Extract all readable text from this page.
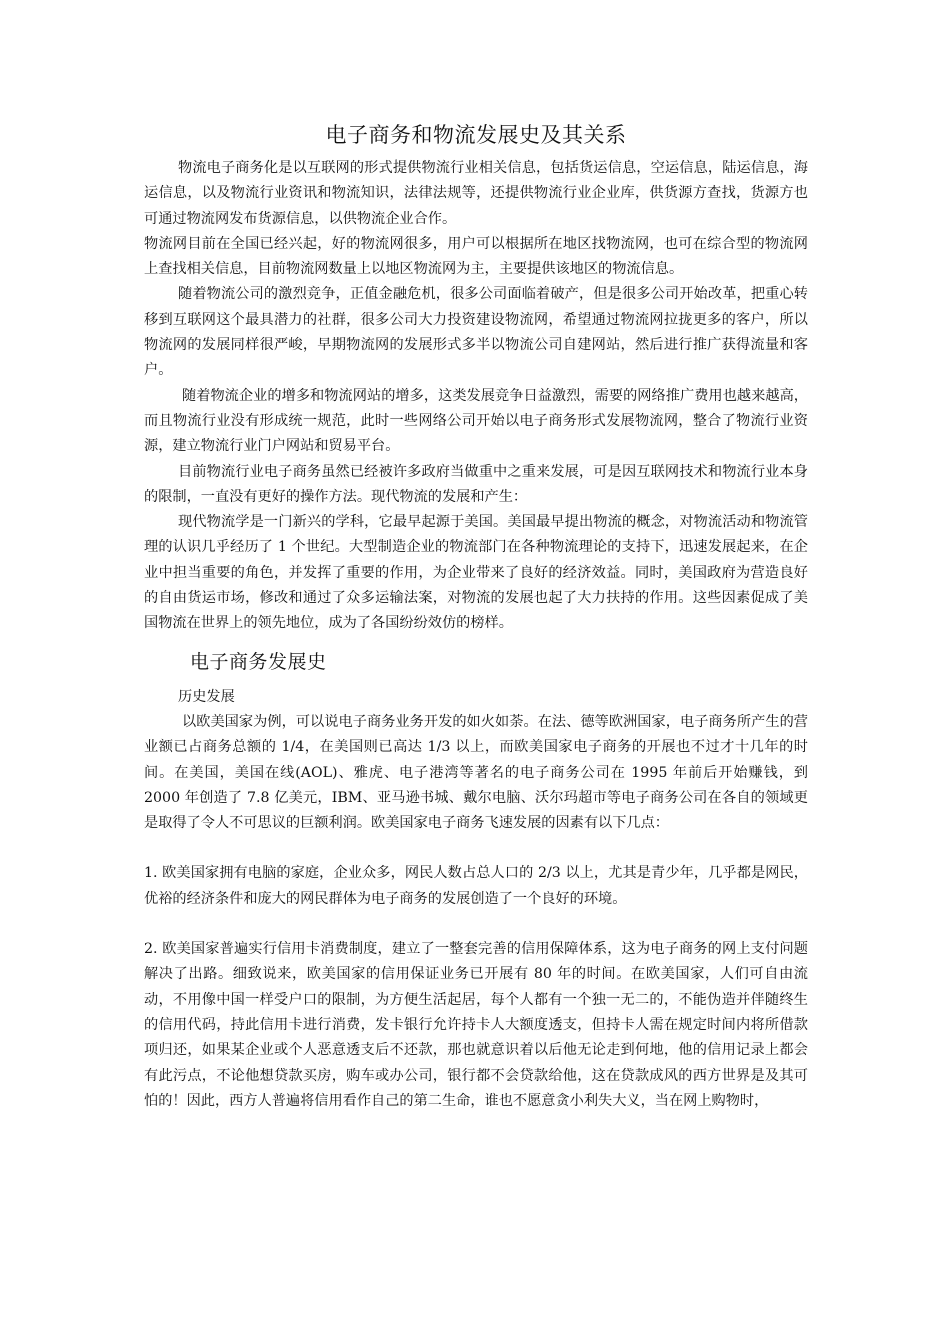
电子商务和物流发展史及其关系

物流电子商务化是以互联网的形式提供物流行业相关信息，包括货运信息，空运信息，陆运信息，海运信息，以及物流行业资讯和物流知识，法律法规等，还提供物流行业企业库，供货源方查找，货源方也可通过物流网发布货源信息，以供物流企业合作。

物流网目前在全国已经兴起，好的物流网很多，用户可以根据所在地区找物流网，也可在综合型的物流网上查找相关信息，目前物流网数量上以地区物流网为主，主要提供该地区的物流信息。

随着物流公司的激烈竞争，正值金融危机，很多公司面临着破产，但是很多公司开始改革，把重心转移到互联网这个最具潜力的社群，很多公司大力投资建设物流网，希望通过物流网拉拢更多的客户，所以物流网的发展同样很严峻，早期物流网的发展形式多半以物流公司自建网站，然后进行推广获得流量和客户。

随着物流企业的增多和物流网站的增多，这类发展竞争日益激烈，需要的网络推广费用也越来越高，而且物流行业没有形成统一规范，此时一些网络公司开始以电子商务形式发展物流网，整合了物流行业资源，建立物流行业门户网站和贸易平台。

目前物流行业电子商务虽然已经被许多政府当做重中之重来发展，可是因互联网技术和物流行业本身的限制，一直没有更好的操作方法。现代物流的发展和产生：

现代物流学是一门新兴的学科，它最早起源于美国。美国最早提出物流的概念，对物流活动和物流管理的认识几乎经历了 1 个世纪。大型制造企业的物流部门在各种物流理论的支持下，迅速发展起来，在企业中担当重要的角色，并发挥了重要的作用，为企业带来了良好的经济效益。同时，美国政府为营造良好的自由货运市场，修改和通过了众多运输法案，对物流的发展也起了大力扶持的作用。这些因素促成了美国物流在世界上的领先地位，成为了各国纷纷效仿的榜样。

电子商务发展史
历史发展

以欧美国家为例，可以说电子商务业务开发的如火如荼。在法、德等欧洲国家，电子商务所产生的营业额已占商务总额的 1/4，在美国则已高达 1/3 以上，而欧美国家电子商务的开展也不过才十几年的时间。在美国，美国在线(AOL)、雅虎、电子港湾等著名的电子商务公司在 1995 年前后开始赚钱，到 2000 年创造了 7.8 亿美元，IBM、亚马逊书城、戴尔电脑、沃尔玛超市等电子商务公司在各自的领域更是取得了令人不可思议的巨额利润。欧美国家电子商务飞速发展的因素有以下几点：

1. 欧美国家拥有电脑的家庭，企业众多，网民人数占总人口的 2/3 以上，尤其是青少年，几乎都是网民，优裕的经济条件和庞大的网民群体为电子商务的发展创造了一个良好的环境。

2. 欧美国家普遍实行信用卡消费制度，建立了一整套完善的信用保障体系，这为电子商务的网上支付问题解决了出路。细致说来，欧美国家的信用保证业务已开展有 80 年的时间。在欧美国家，人们可自由流动，不用像中国一样受户口的限制，为方便生活起居，每个人都有一个独一无二的，不能伪造并伴随终生的信用代码，持此信用卡进行消费，发卡银行允许持卡人大额度透支，但持卡人需在规定时间内将所借款项归还，如果某企业或个人恶意透支后不还款，那也就意识着以后他无论走到何地，他的信用记录上都会有此污点，不论他想贷款买房，购车或办公司，银行都不会贷款给他，这在贷款成风的西方世界是及其可怕的！因此，西方人普遍将信用看作自己的第二生命，谁也不愿意贪小利失大义，当在网上购物时，
